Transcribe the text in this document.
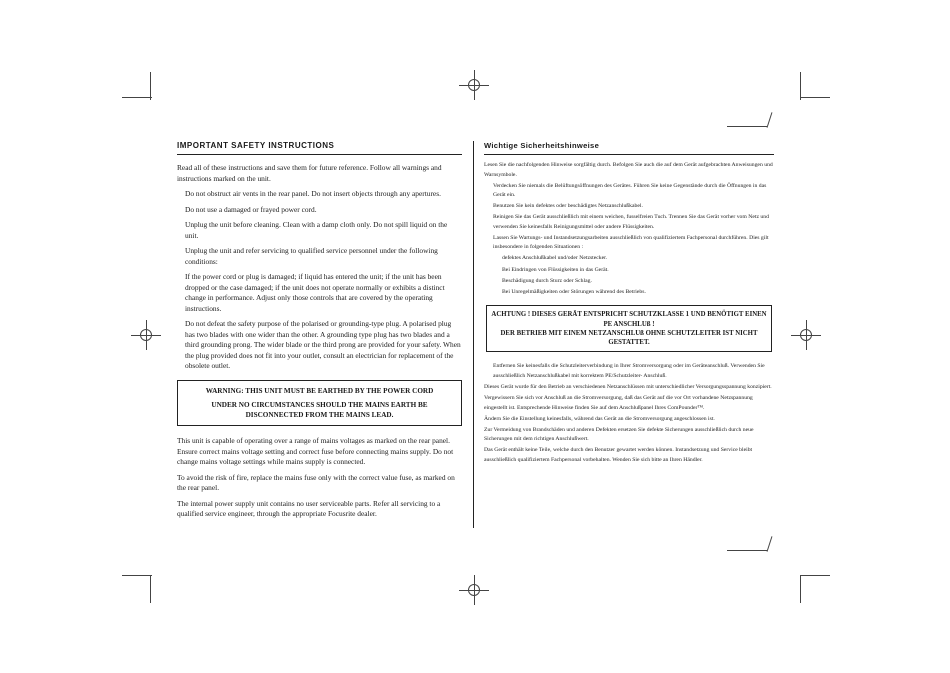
IMPORTANT SAFETY INSTRUCTIONS

Read all of these instructions and save them for future reference. Follow all warnings and instructions marked on the unit.

Do not obstruct air vents in the rear panel. Do not insert objects through any apertures.

Do not use a damaged or frayed power cord.

Unplug the unit before cleaning. Clean with a damp cloth only. Do not spill liquid on the unit.

Unplug the unit and refer servicing to qualified service personnel under the following conditions:

If the power cord or plug is damaged; if liquid has entered the unit; if the unit has been dropped or the case damaged; if the unit does not operate normally or exhibits a distinct change in performance. Adjust only those controls that are covered by the operating instructions.

Do not defeat the safety purpose of the polarised or grounding-type plug. A polarised plug has two blades with one wider than the other. A grounding type plug has two blades and a third grounding prong. The wider blade or the third prong are provided for your safety. When the plug provided does not fit into your outlet, consult an electrician for replacement of the obsolete outlet.

WARNING: THIS UNIT MUST BE EARTHED BY THE POWER CORD
UNDER NO CIRCUMSTANCES SHOULD THE MAINS EARTH BE DISCONNECTED FROM THE MAINS LEAD.

This unit is capable of operating over a range of mains voltages as marked on the rear panel. Ensure correct mains voltage setting and correct fuse before connecting mains supply. Do not change mains voltage settings while mains supply is connected.

To avoid the risk of fire, replace the mains fuse only with the correct value fuse, as marked on the rear panel.

The internal power supply unit contains no user serviceable parts. Refer all servicing to a qualified service engineer, through the appropriate Focusrite dealer.

Wichtige Sicherheitshinweise

Lesen Sie die nachfolgenden Hinweise sorgfältig durch. Befolgen Sie auch die auf dem Gerät aufgebrachten Anweisungen und Warnsymbole.

Verdecken Sie niemals die Belüftungsöffnungen des Gerätes. Führen Sie keine Gegenstände durch die Öffnungen in das Gerät ein.

Benutzen Sie kein defektes oder beschädigtes Netzanschlußkabel.

Reinigen Sie das Gerät ausschließlich mit einem weichen, fusselfreien Tuch. Trennen Sie das Gerät vorher vom Netz und verwenden Sie keinesfalls Reinigungsmittel oder andere Flüssigkeiten.

Lassen Sie Wartungs- und Instandsetzungsarbeiten ausschließlich von qualifiziertem Fachpersonal durchführen. Dies gilt insbesondere in folgenden Situationen :

defektes Anschlußkabel und/oder Netzstecker.

Bei Eindringen von Flüssigkeiten in das Gerät.

Beschädigung durch Sturz oder Schlag.

Bei Unregelmäßigkeiten oder Störungen während des Betriebs.

ACHTUNG ! DIESES GERÄT ENTSPRICHT SCHUTZKLASSE 1 UND BENÖTIGT EINEN PE ANSCHLUß !
DER BETRIEB MIT EINEM NETZANSCHLUß OHNE SCHUTZLEITER IST NICHT GESTATTET.

Entfernen Sie keinesfalls die Schutzleiterverbindung in Ihrer Stromversorgung oder im Geräteanschluß. Verwenden Sie ausschließlich Netzanschlußkabel mit korrektem PE/Schutzleiter- Anschluß.

Dieses Gerät wurde für den Betrieb an verschiedenen Netzanschlüssen mit unterschiedlicher Versorgungsspannung konzipiert.

Vergewissern Sie sich vor Anschluß an die Stromversorgung, daß das Gerät auf die vor Ort vorhandene Netzspannung eingestellt ist. Entsprechende Hinweise finden Sie auf dem Anschlußpanel Ihres ComPounder™.

Ändern Sie die Einstellung keinesfalls, während das Gerät an die Stromversorgung angeschlossen ist.

Zur Vermeidung von Brandschäden und anderen Defekten ersetzen Sie defekte Sicherungen ausschließlich durch neue Sicherungen mit dem richtigen Anschlußwert.

Das Gerät enthält keine Teile, welche durch den Benutzer gewartet werden können. Instandsetzung und Service bleibt ausschließlich qualifiziertem Fachpersonal vorbehalten. Wenden Sie sich bitte an Ihren Händler.
